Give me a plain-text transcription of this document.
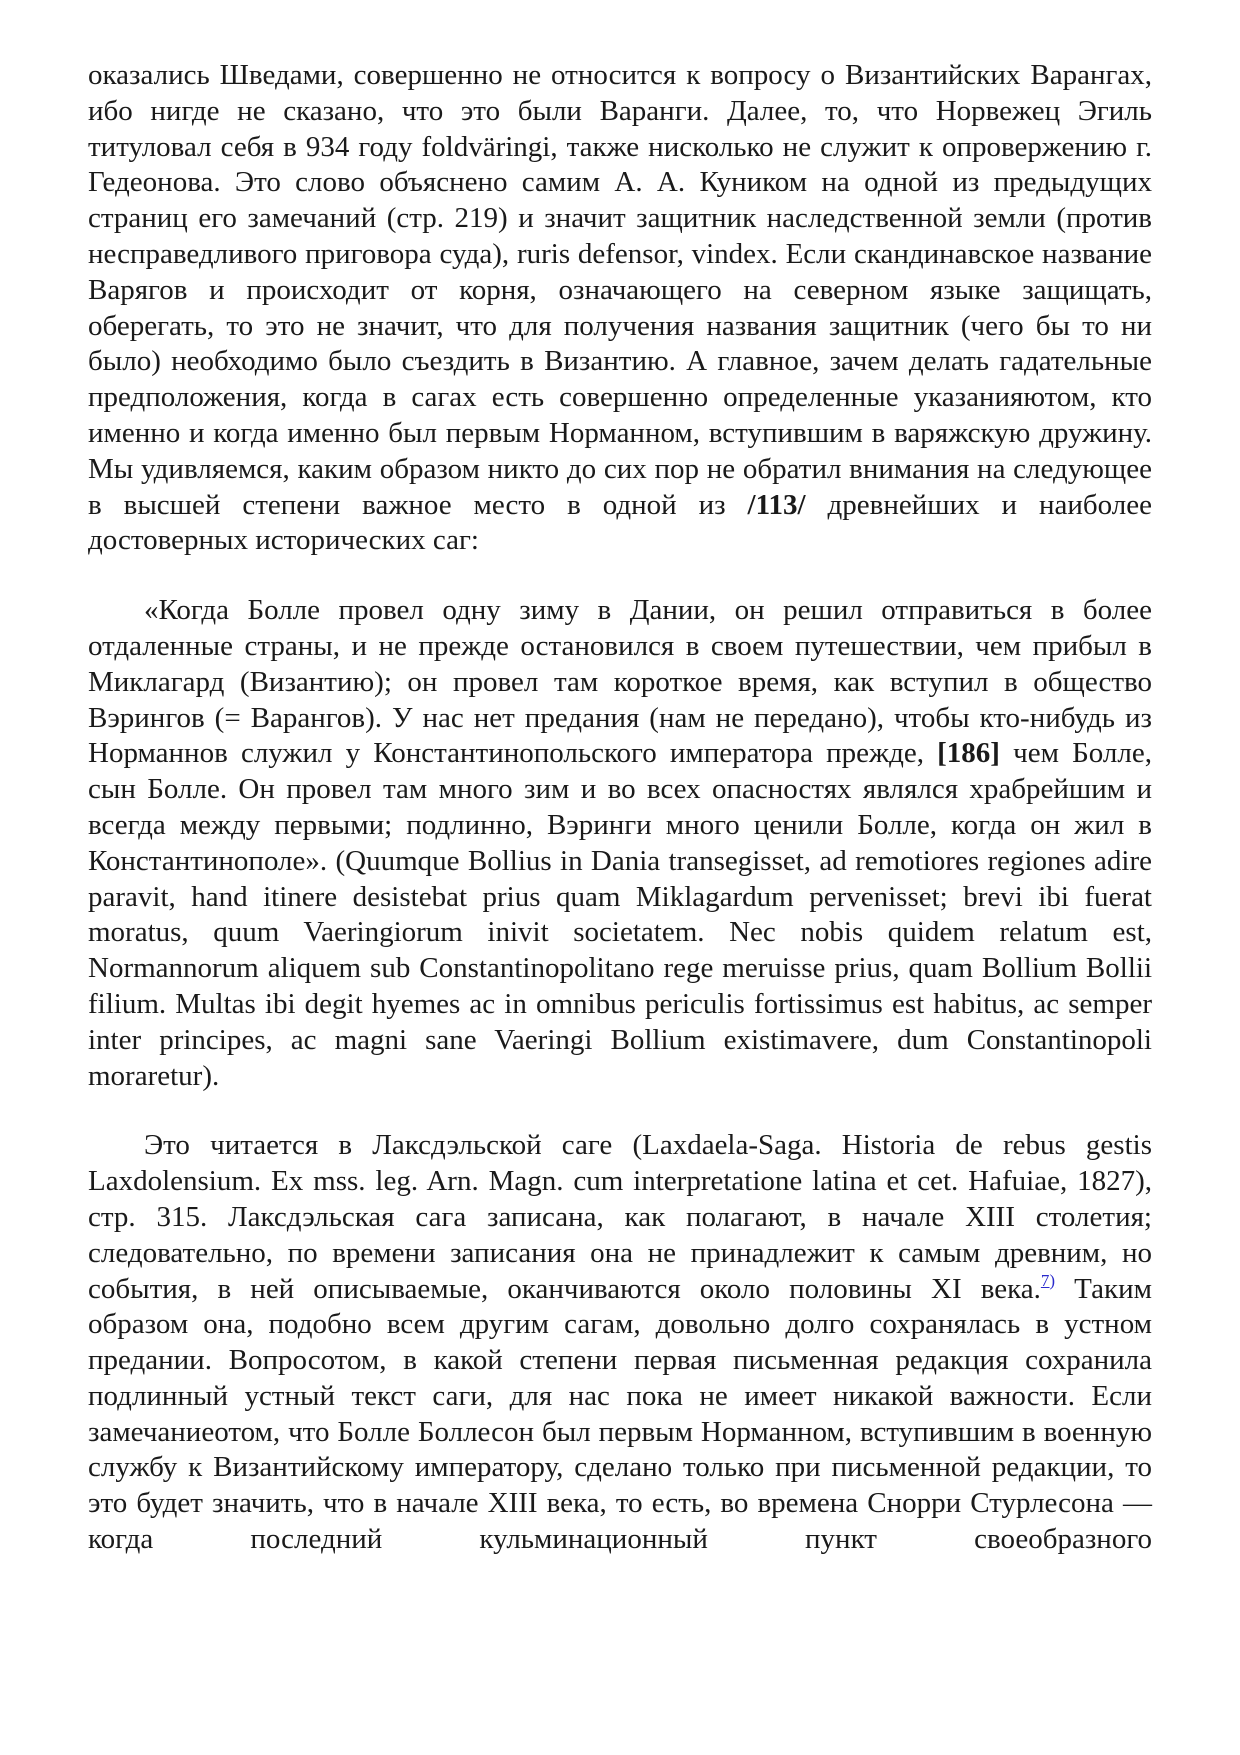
оказались Шведами, совершенно не относится к вопросу о Византийских Варангах, ибо нигде не сказано, что это были Варанги. Далее, то, что Норвежец Эгиль титуловал себя в 934 году foldväringi, также нисколько не служит к опровержению г. Гедеонова. Это слово объяснено самим А. А. Куником на одной из предыдущих страниц его замечаний (стр. 219) и значит защитник наследственной земли (против несправедливого приговора суда), ruris defensor, vindex. Если скандинавское название Варягов и происходит от корня, означающего на северном языке защищать, оберегать, то это не значит, что для получения названия защитник (чего бы то ни было) необходимо было съездить в Византию. А главное, зачем делать гадательные предположения, когда в сагах есть совершенно определенные указанияютом, кто именно и когда именно был первым Норманном, вступившим в варяжскую дружину. Мы удивляемся, каким образом никто до сих пор не обратил внимания на следующее в высшей степени важное место в одной из /113/ древнейших и наиболее достоверных исторических саг:

«Когда Болле провел одну зиму в Дании, он решил отправиться в более отдаленные страны, и не прежде остановился в своем путешествии, чем прибыл в Миклагард (Византию); он провел там короткое время, как вступил в общество Вэрингов (= Варангов). У нас нет предания (нам не передано), чтобы кто-нибудь из Норманнов служил у Константинопольского императора прежде, [186] чем Болле, сын Болле. Он провел там много зим и во всех опасностях являлся храбрейшим и всегда между первыми; подлинно, Вэринги много ценили Болле, когда он жил в Константинополе». (Quumque Bollius in Dania transegisset, ad remotiores regiones adire paravit, hand itinere desistebat prius quam Miklagardum pervenisset; brevi ibi fuerat moratus, quum Vaeringiorum inivit societatem. Nec nobis quidem relatum est, Normannorum aliquem sub Constantinopolitano rege meruisse prius, quam Bollium Bollii filium. Multas ibi degit hyemes ac in omnibus periculis fortissimus est habitus, ac semper inter principes, ac magni sane Vaeringi Bollium existimavere, dum Constantinopoli moraretur).

Это читается в Лаксдэльской саге (Laxdaela-Saga. Historia de rebus gestis Laxdolensium. Ex mss. leg. Arn. Magn. cum interpretatione latina et cet. Hafuiae, 1827), стр. 315. Лаксдэльская сага записана, как полагают, в начале XIII столетия; следовательно, по времени записания она не принадлежит к самым древним, но события, в ней описываемые, оканчиваются около половины XI века.$^{7)}$ Таким образом она, подобно всем другим сагам, довольно долго сохранялась в устном предании. Вопросотом, в какой степени первая письменная редакция сохранила подлинный устный текст саги, для нас пока не имеет никакой важности. Если замечаниеотом, что Болле Боллесон был первым Норманном, вступившим в военную службу к Византийскому императору, сделано только при письменной редакции, то это будет значить, что в начале XIII века, то есть, во времена Снорри Стурлесона — когда последний кульминационный пункт своеобразного
